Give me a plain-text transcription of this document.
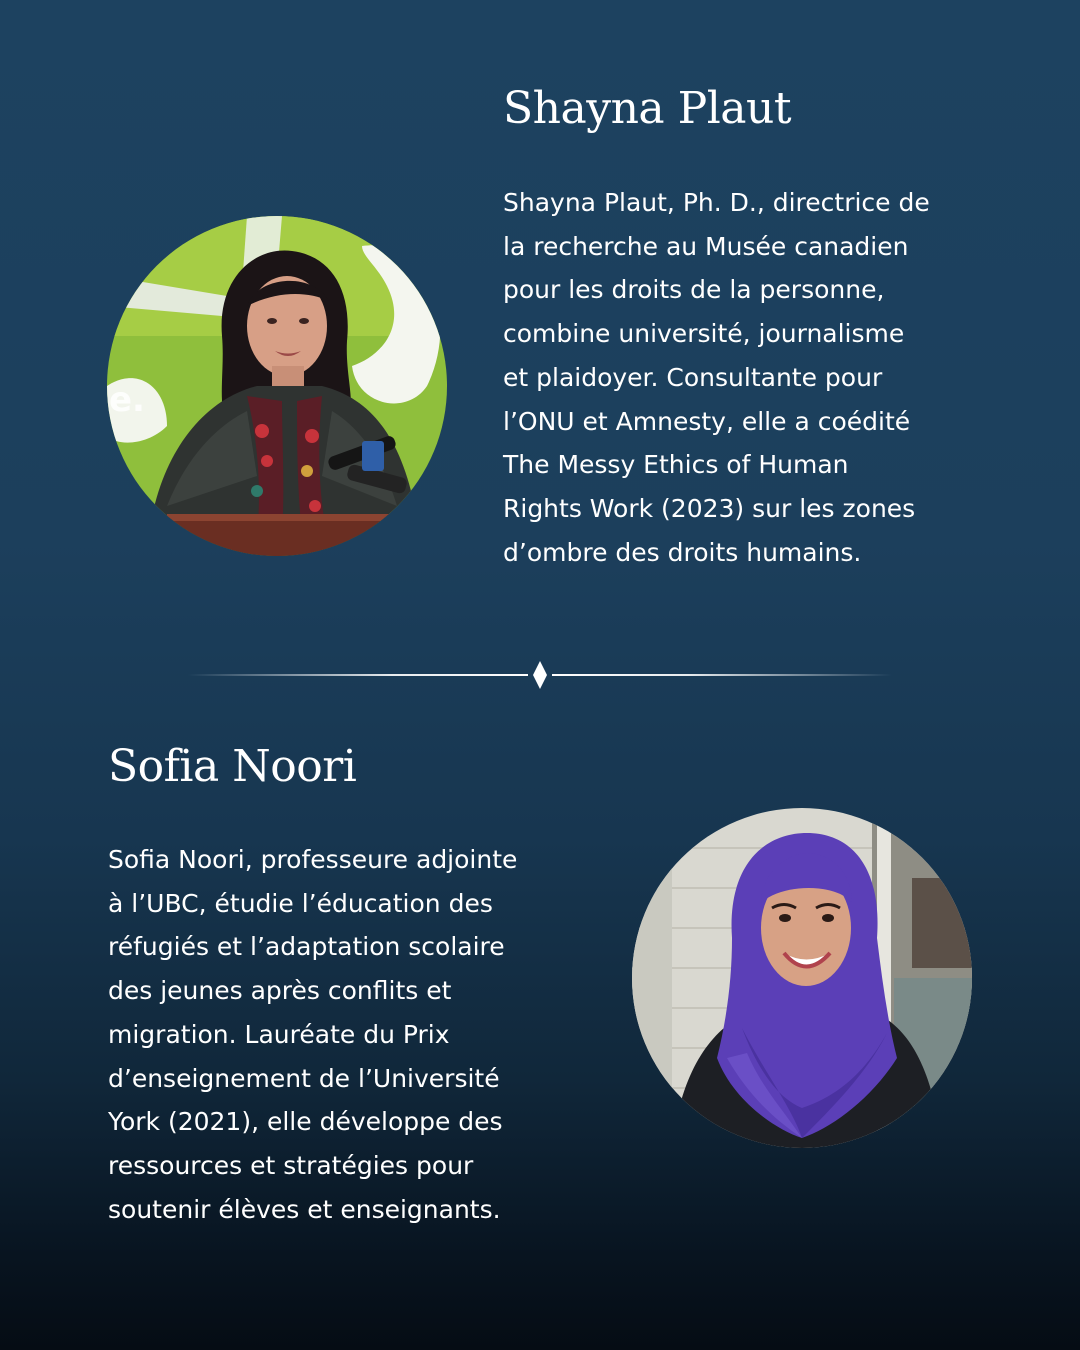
Shayna Plaut
Shayna Plaut, Ph. D., directrice de
la recherche au Musée canadien
pour les droits de la personne,
combine université, journalisme
et plaidoyer. Consultante pour
l’ONU et Amnesty, elle a coédité
The Messy Ethics of Human
Rights Work (2023) sur les zones
d’ombre des droits humains.
e.
Sofia Noori
Sofia Noori, professeure adjointe
à l’UBC, étudie l’éducation des
réfugiés et l’adaptation scolaire
des jeunes après conflits et
migration. Lauréate du Prix
d’enseignement de l’Université
York (2021), elle développe des
ressources et stratégies pour
soutenir élèves et enseignants.
